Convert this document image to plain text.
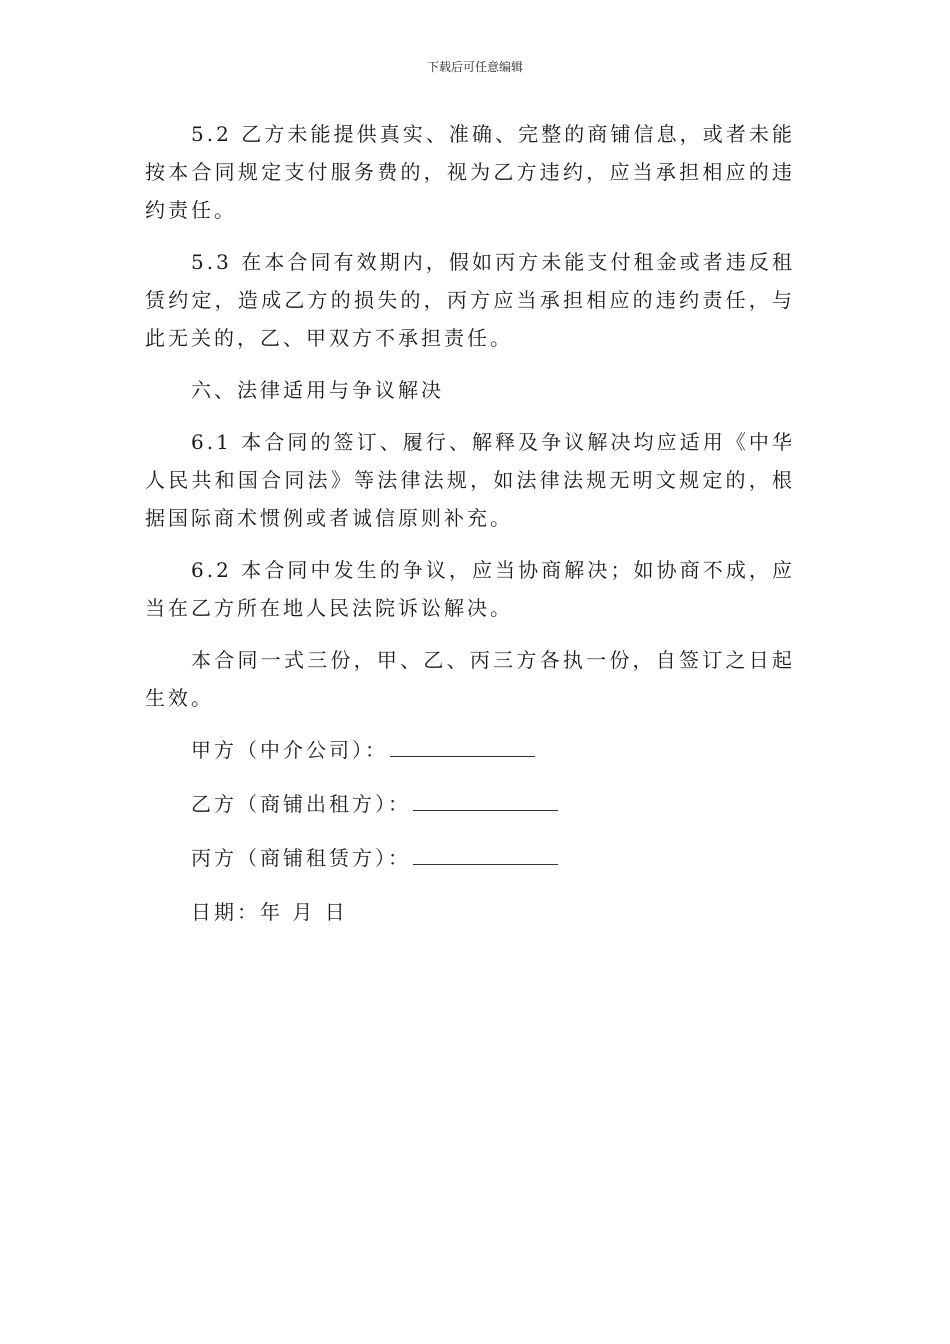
下载后可任意编辑

5.2 乙方未能提供真实、准确、完整的商铺信息，或者未能按本合同规定支付服务费的，视为乙方违约，应当承担相应的违约责任。

5.3 在本合同有效期内，假如丙方未能支付租金或者违反租赁约定，造成乙方的损失的，丙方应当承担相应的违约责任，与此无关的，乙、甲双方不承担责任。

六、法律适用与争议解决

6.1 本合同的签订、履行、解释及争议解决均应适用《中华人民共和国合同法》等法律法规，如法律法规无明文规定的，根据国际商术惯例或者诚信原则补充。

6.2 本合同中发生的争议，应当协商解决；如协商不成，应当在乙方所在地人民法院诉讼解决。

本合同一式三份，甲、乙、丙三方各执一份，自签订之日起生效。

甲方（中介公司）：
乙方（商铺出租方）：
丙方（商铺租赁方）：
日期：年 月 日
